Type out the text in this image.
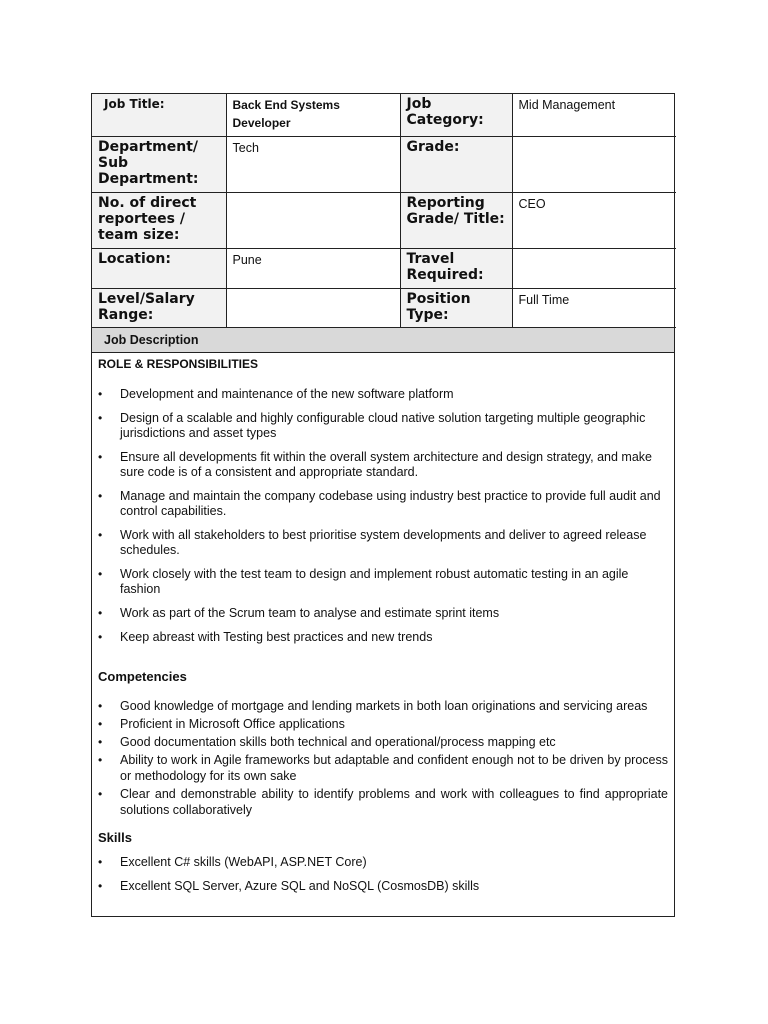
Job Title:	Back End Systems Developer	Job Category:	Mid Management
Department/ Sub Department:	Tech	Grade:	
No. of direct reportees / team size:		Reporting Grade/ Title:	CEO
Location:	Pune	Travel Required:	
Level/Salary Range:		Position Type:	Full Time
Job Description
ROLE & RESPONSIBILITIES
• Development and maintenance of the new software platform
• Design of a scalable and highly configurable cloud native solution targeting multiple geographic jurisdictions and asset types
• Ensure all developments fit within the overall system architecture and design strategy, and make sure code is of a consistent and appropriate standard.
• Manage and maintain the company codebase using industry best practice to provide full audit and control capabilities.
• Work with all stakeholders to best prioritise system developments and deliver to agreed release schedules.
• Work closely with the test team to design and implement robust automatic testing in an agile fashion
• Work as part of the Scrum team to analyse and estimate sprint items
• Keep abreast with Testing best practices and new trends
Competencies
• Good knowledge of mortgage and lending markets in both loan originations and servicing areas
• Proficient in Microsoft Office applications
• Good documentation skills both technical and operational/process mapping etc
• Ability to work in Agile frameworks but adaptable and confident enough not to be driven by process or methodology for its own sake
• Clear and demonstrable ability to identify problems and work with colleagues to find appropriate solutions collaboratively
Skills
• Excellent C# skills (WebAPI, ASP.NET Core)
• Excellent SQL Server, Azure SQL and NoSQL (CosmosDB) skills
